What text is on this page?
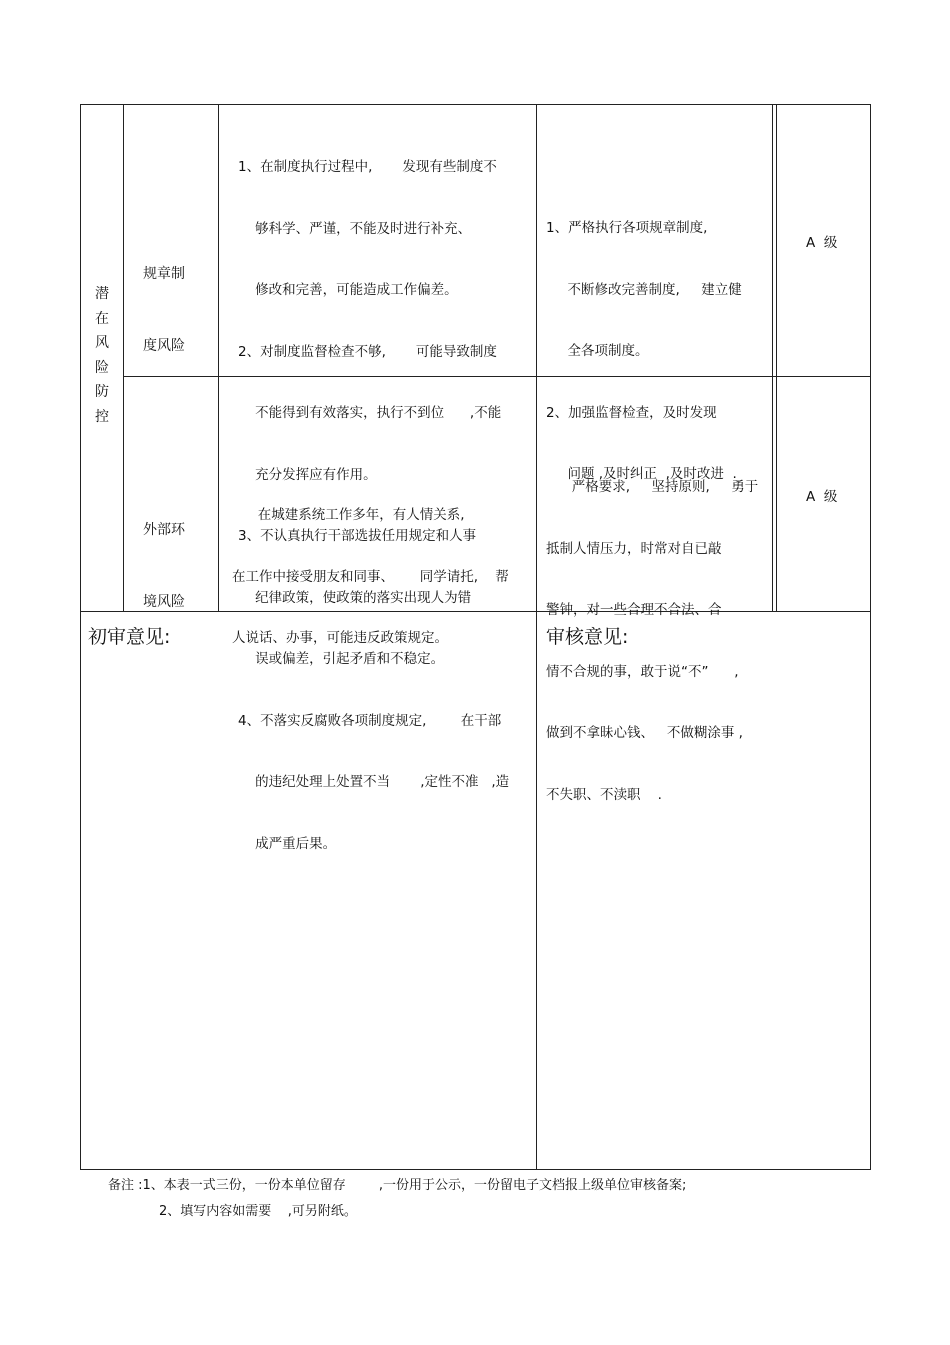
潜
在
风
险
防
控

规章制

度风险

1、在制度执行过程中,       发现有些制度不

够科学、严谨，不能及时进行补充、

修改和完善，可能造成工作偏差。

2、对制度监督检查不够,       可能导致制度

不能得到有效落实，执行不到位      ,不能

充分发挥应有作用。

3、不认真执行干部选拔任用规定和人事

纪律政策，使政策的落实出现人为错

误或偏差，引起矛盾和不稳定。

4、不落实反腐败各项制度规定,        在干部

的违纪处理上处置不当       ,定性不准   ,造

成严重后果。

1、严格执行各项规章制度,

不断修改完善制度,     建立健

全各项制度。

2、加强监督检查，及时发现

问题 ,及时纠正  ,及时改进  .

A  级

外部环

境风险

在城建系统工作多年，有人情关系,

在工作中接受朋友和同事、      同学请托,    帮

人说话、办事，可能违反政策规定。

严格要求,     坚持原则,     勇于

抵制人情压力，时常对自已敲

警钟，对一些合理不合法、合

情不合规的事，敢于说“不”      ,

做到不拿昧心钱、   不做糊涂事 ,

不失职、不渎职    .

A  级
初审意见:	审核意见:
备注 :1、本表一式三份，一份本单位留存        ,一份用于公示，一份留电子文档报上级单位审核备案;
2、填写内容如需要    ,可另附纸。
